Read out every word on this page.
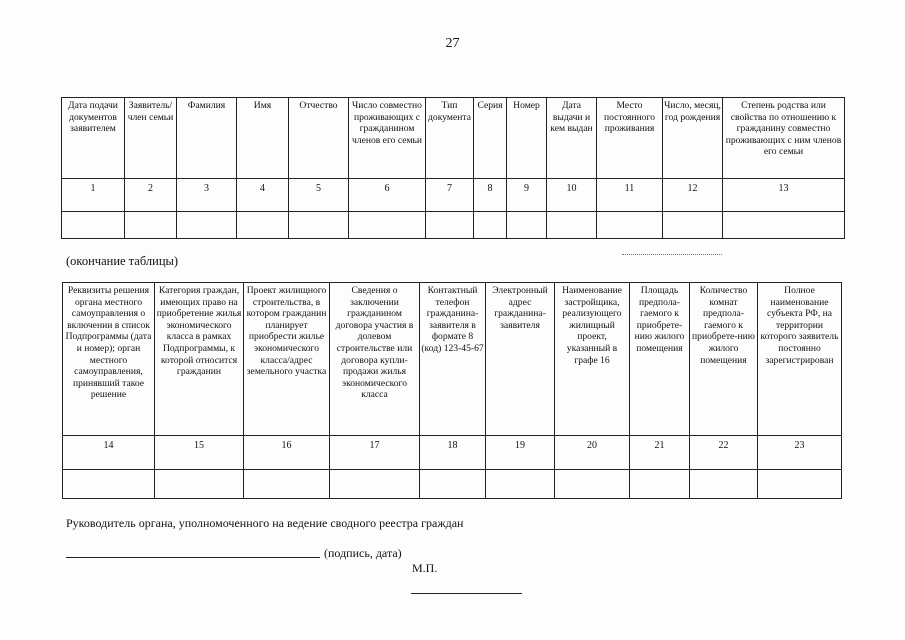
27
Дата подачи документов заявителем	Заявитель/ член семьи	Фамилия	Имя	Отчество	Число совместно проживающих с гражданином членов его семьи	Тип документа	Серия	Номер	Дата выдачи и кем выдан	Место постоянного проживания	Число, месяц, год рождения	Степень родства или свойства по отношению к гражданину совместно проживающих с ним членов его семьи
1	2	3	4	5	6	7	8	9	10	11	12	13

(окончание таблицы)
Реквизиты решения органа местного самоуправления о включении в список Подпрограммы (дата и номер); орган местного самоуправления, принявший такое решение	Категория граждан, имеющих право на приобретение жилья экономического класса в рамках Подпрограммы, к которой относится гражданин	Проект жилищного строительства, в котором гражданин планирует приобрести жилье экономического класса/адрес земельного участка	Сведения о заключении гражданином договора участия в долевом строительстве или договора купли-продажи жилья экономического класса	Контактный телефон гражданина-заявителя в формате 8 (код) 123-45-67	Электронный адрес гражданина-заявителя	Наименование застройщика, реализующего жилищный проект, указанный в графе 16	Площадь предпола-гаемого к приобрете-нию жилого помещения	Количество комнат предпола-гаемого к приобрете-нию жилого помещения	Полное наименование субъекта РФ, на территории которого заявитель постоянно зарегистрирован
14	15	16	17	18	19	20	21	22	23

Руководитель органа, уполномоченного на ведение сводного реестра граждан
(подпись, дата)
М.П.
